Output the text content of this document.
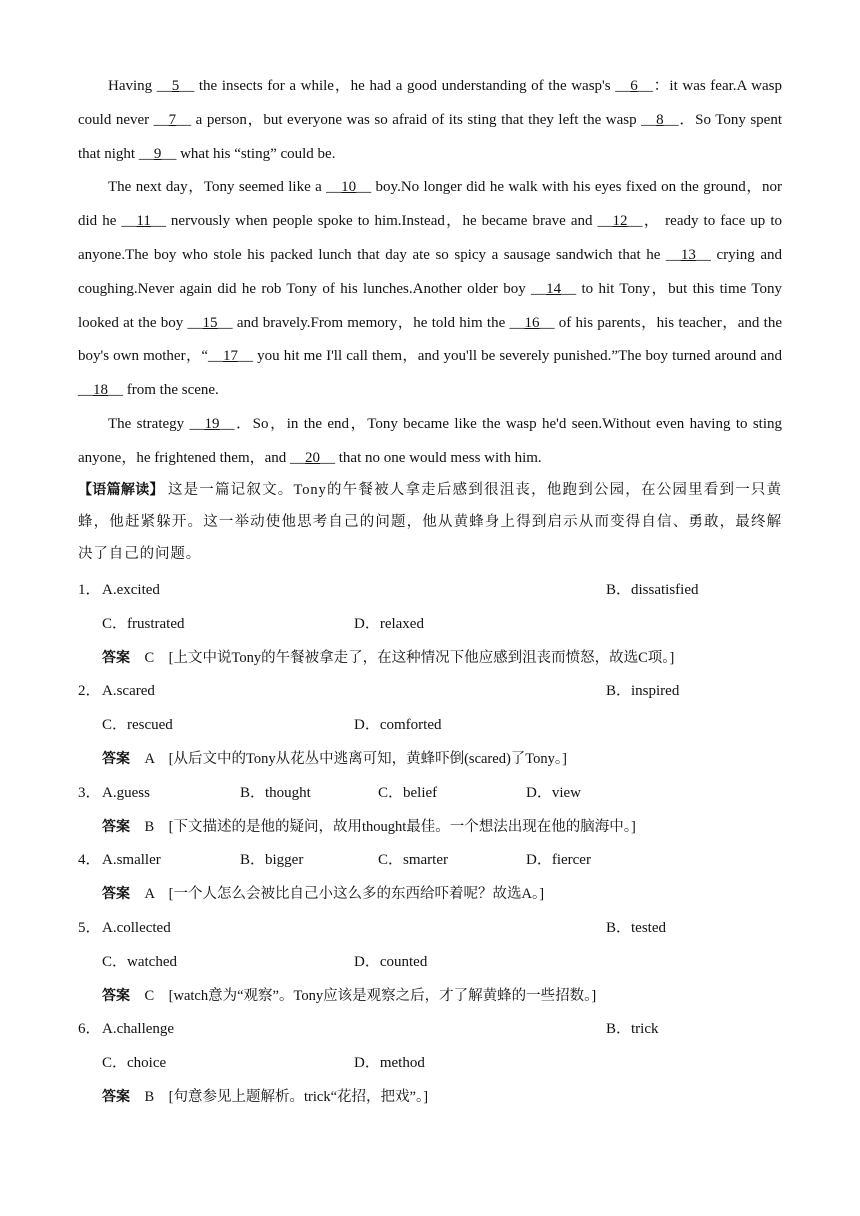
Having __5__ the insects for a while，he had a good understanding of the wasp's __6__：it was fear.A wasp could never __7__ a person，but everyone was so afraid of its sting that they left the wasp __8__．So Tony spent that night __9__ what his “sting” could be.

The next day，Tony seemed like a __10__ boy.No longer did he walk with his eyes fixed on the ground，nor did he __11__ nervously when people spoke to him.Instead，he became brave and __12__， ready to face up to anyone.The boy who stole his packed lunch that day ate so spicy a sausage sandwich that he __13__ crying and coughing.Never again did he rob Tony of his lunches.Another older boy __14__ to hit Tony，but this time Tony looked at the boy __15__ and bravely.From memory，he told him the __16__ of his parents，his teacher，and the boy's own mother，“__17__ you hit me I'll call them，and you'll be severely punished.”The boy turned around and __18__ from the scene.

The strategy __19__．So，in the end，Tony became like the wasp he'd seen.Without even having to sting anyone，he frightened them，and __20__ that no one would mess with him.

【语篇解读】 这是一篇记叙文。Tony的午餐被人拿走后感到很沮丧，他跑到公园，在公园里看到一只黄蜂，他赶紧躲开。这一举动使他思考自己的问题，他从黄蜂身上得到启示从而变得自信、勇敢，最终解决了自己的问题。

1． A.excited	B．dissatisfied
C．frustrated	D．relaxed
答案　C　[上文中说Tony的午餐被拿走了，在这种情况下他应感到沮丧而愤怒，故选C项。]
2． A.scared	B．inspired
C．rescued	D．comforted
答案　A　[从后文中的Tony从花丛中逃离可知，黄蜂吓倒(scared)了Tony。]
3． A.guess	B．thought	C．belief	D．view
答案　B　[下文描述的是他的疑问，故用thought最佳。一个想法出现在他的脑海中。]
4． A.smaller	B．bigger	C．smarter	D．fiercer
答案　A　[一个人怎么会被比自己小这么多的东西给吓着呢？故选A。]
5． A.collected	B．tested
C．watched	D．counted
答案　C　[watch意为“观察”。Tony应该是观察之后，才了解黄蜂的一些招数。]
6． A.challenge	B．trick
C．choice	D．method
答案　B　[句意参见上题解析。trick“花招，把戏”。]
